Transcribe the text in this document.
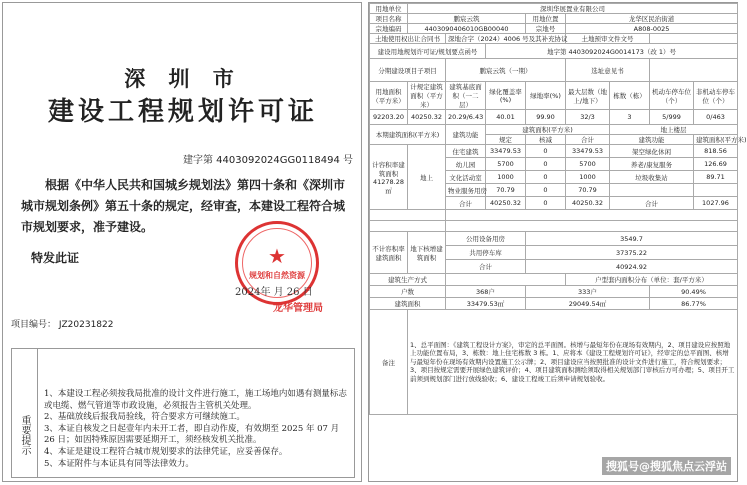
深 圳 市
建设工程规划许可证
建字第 4403092024GG0118494 号
根据《中华人民共和国城乡规划法》第四十条和《深圳市城市规划条例》第五十条的规定，经审查，本建设工程符合城市规划要求，准予建设。
特发此证	★
规划和自然资源
2024年 月 26 日
龙华管理局
项目编号： JZ20231822
重要提示
1、本建设工程必须按我局批准的设计文件进行施工，施工场地内如遇有测量标志或电缆、燃气管道等市政设施，必须报告主管机关处理。
2、基础放线后报我局验线，符合要求方可继续施工。
3、本证自核发之日起壹年内未开工者，即自动作废，有效期至 2025 年 07 月 26 日；如因特殊原因需要延期开工，须经核发机关批准。
4、本证是建设工程符合城市规划要求的法律凭证，应妥善保存。
5、本证附件与本证具有同等法律效力。
用地单位	深圳华展置业有限公司							
项目名称	鹏宸云筑			用地位置	龙华区民治街道			
宗地编码	4403090406010GB00040			宗地号	A808-0025			
土地使用权出让合同书		深地合字（2024）4006 号及其补充协议			土地预审文件文号			
建设用地规划许可证/规划要点函号			地字第 4403092024G0014173（改 1）号					
分期建设项目子项目		鹏宸云筑（一期）			选址意见书			
用地面积（平方米）	计规定建筑面积（平方米）	建筑基底面积（一二层）	绿化覆盖率(%)	绿地率(%)	最大层数（地上/地下）	栋数（栋）	机动车停车位（个）	非机动车停车位（个）
92203.20	40250.32	20.29/6.43	40.01	99.90	32/3	3	5/999	0/463
本期建筑面积(平方米)		建筑功能	建筑面积(平方米)			地上楼层		
			规定	核减	合计	建筑功能		建筑面积(平方米)
计容积率建筑面积 41278.28㎡	地上	住宅建筑	33479.53	0	33479.53	架空绿化休闲		818.56
		幼儿园	5700	0	5700	养老/康复服务		126.69
		文化活动室	1000	0	1000	垃圾收集站		89.71
		物业服务用房	70.79	0	70.79			
		合计	40250.32	0	40250.32	合计		1027.96

不计容积率建筑面积	地下核增建筑面积	公用设备用房		3549.7				
		共用停车库		37375.22				
		合计		40924.92				
建筑生产方式					户型套内面积分布（单位：套/平方米）			
户数		368户		333户			90.49%	
建筑面积		33479.53㎡		29049.54㎡			86.77%	
备注	1、总平面图：《建筑工程设计方案》，审定的总平面图。核增与最短年份在现场有效期内，2、项目建设应按照地上功能位置布局，3、栋数：地上住宅栋数 3 栋。1、应将本《建设工程规划许可证》，经审定的总平面图、核增与最短年份在现场有效期内设置施工公示牌；2、项目建设应当按照批准的设计文件进行施工，符合规划要求；3、项目按规定需要开展绿色建筑评价；4、项目建筑面积测绘须取得相关规划部门审核后方可办理；5、项目开工前须到规划部门进行放线验收；6、建设工程竣工后须申请规划验收。							
搜狐号@搜狐焦点云浮站
